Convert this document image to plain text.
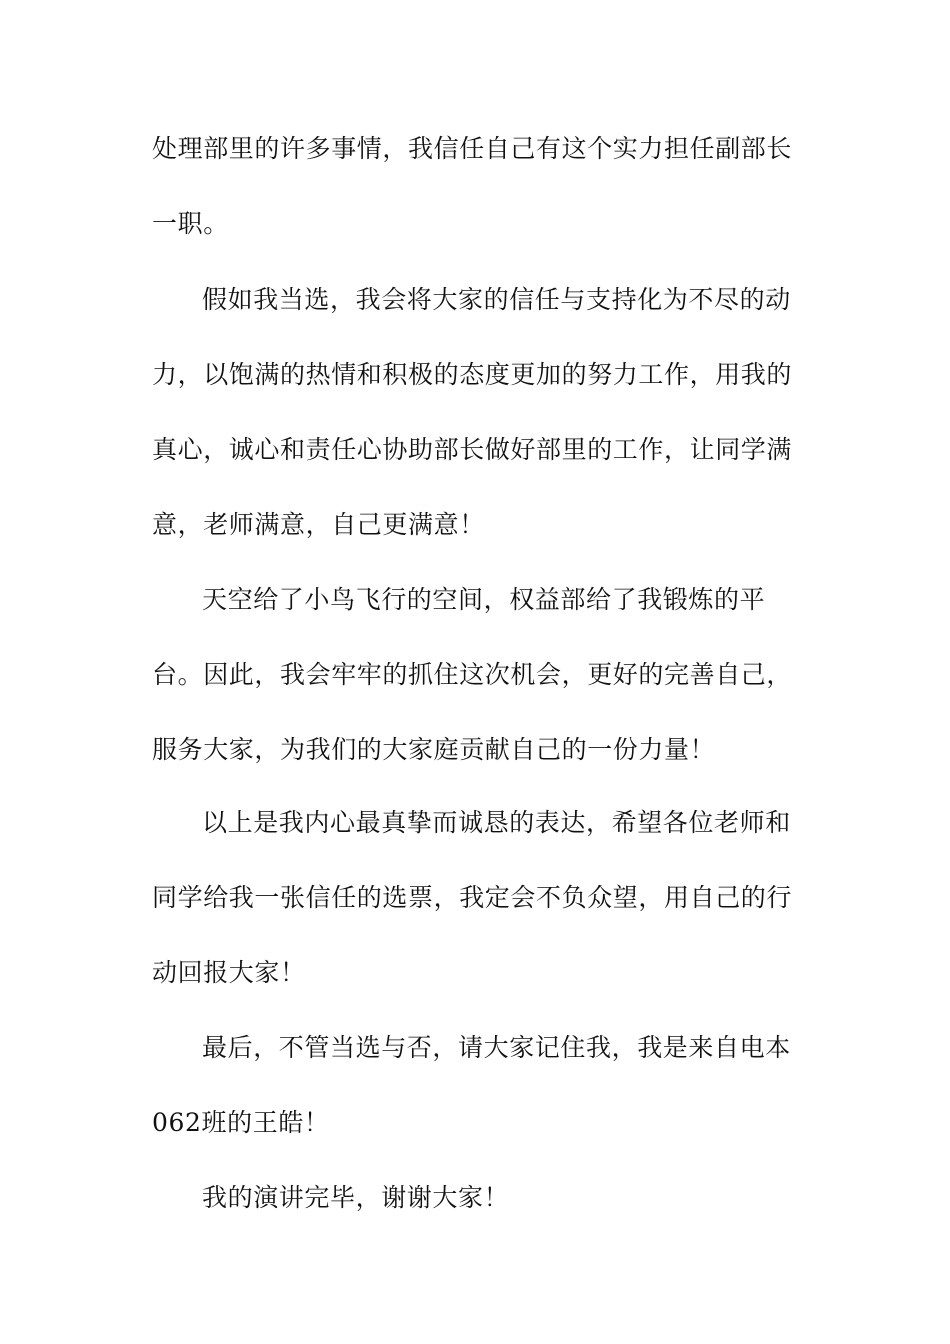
处理部里的许多事情，我信任自己有这个实力担任副部长

一职。

假如我当选，我会将大家的信任与支持化为不尽的动

力，以饱满的热情和积极的态度更加的努力工作，用我的

真心，诚心和责任心协助部长做好部里的工作，让同学满

意，老师满意，自己更满意！

天空给了小鸟飞行的空间，权益部给了我锻炼的平

台。因此，我会牢牢的抓住这次机会，更好的完善自己，

服务大家，为我们的大家庭贡献自己的一份力量！

以上是我内心最真挚而诚恳的表达，希望各位老师和

同学给我一张信任的选票，我定会不负众望，用自己的行

动回报大家！

最后，不管当选与否，请大家记住我，我是来自电本

062班的王皓！

我的演讲完毕，谢谢大家！
